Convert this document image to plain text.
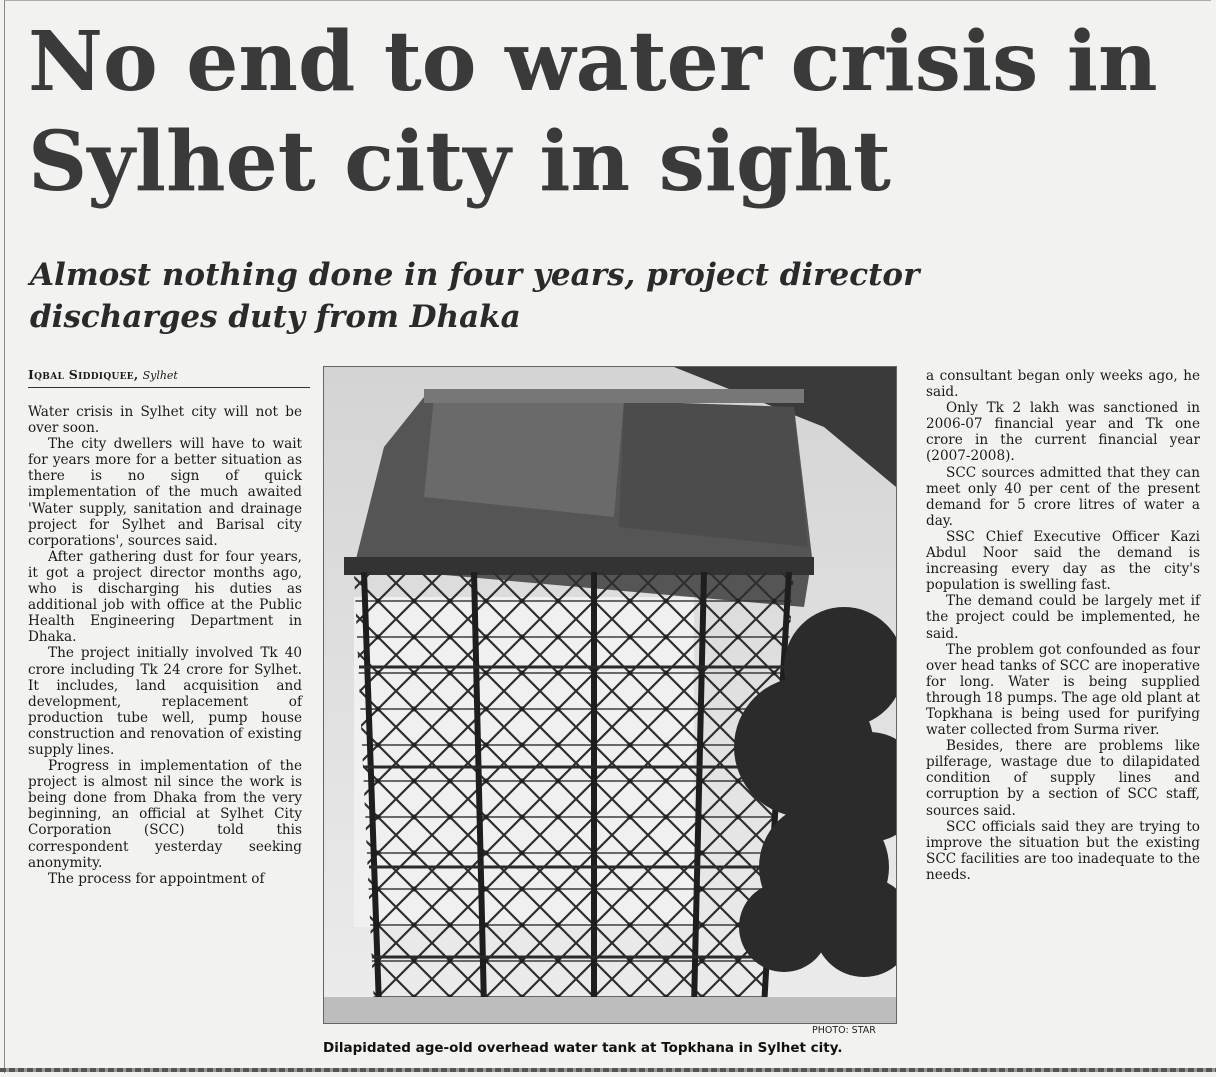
No end to water crisis in Sylhet city in sight
Almost nothing done in four years, project director discharges duty from Dhaka
Iqbal Siddiquee, Sylhet

Water crisis in Sylhet city will not be over soon.

The city dwellers will have to wait for years more for a better situation as there is no sign of quick implementation of the much awaited 'Water supply, sanitation and drainage project for Sylhet and Barisal city corporations', sources said.

After gathering dust for four years, it got a project director months ago, who is discharging his duties as additional job with office at the Public Health Engineering Department in Dhaka.

The project initially involved Tk 40 crore including Tk 24 crore for Sylhet. It includes, land acquisition and development, replacement of production tube well, pump house construction and renovation of existing supply lines.

Progress in implementation of the project is almost nil since the work is being done from Dhaka from the very beginning, an official at Sylhet City Corporation (SCC) told this correspondent yesterday seeking anonymity.

The process for appointment of

PHOTO: STAR
Dilapidated age-old overhead water tank at Topkhana in Sylhet city.

a consultant began only weeks ago, he said.

Only Tk 2 lakh was sanctioned in 2006-07 financial year and Tk one crore in the current financial year (2007-2008).

SCC sources admitted that they can meet only 40 per cent of the present demand for 5 crore litres of water a day.

SSC Chief Executive Officer Kazi Abdul Noor said the demand is increasing every day as the city's population is swelling fast.

The demand could be largely met if the project could be implemented, he said.

The problem got confounded as four over head tanks of SCC are inoperative for long. Water is being supplied through 18 pumps. The age old plant at Topkhana is being used for purifying water collected from Surma river.

Besides, there are problems like pilferage, wastage due to dilapidated condition of supply lines and corruption by a section of SCC staff, sources said.

SCC officials said they are trying to improve the situation but the existing SCC facilities are too inadequate to the needs.
